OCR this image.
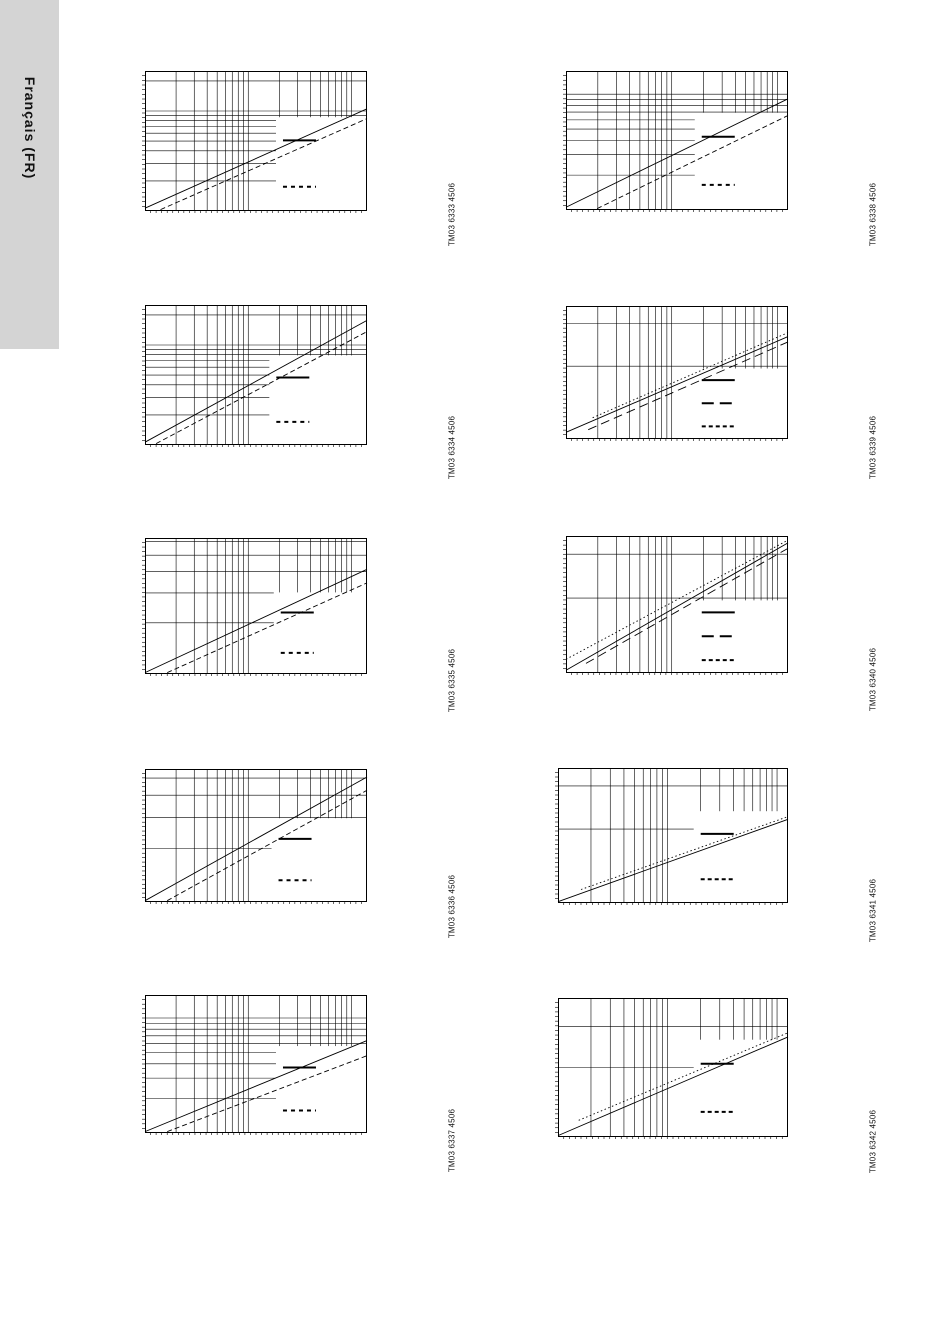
Français (FR)
TM03 6333 4506	TM03 6338 4506
TM03 6334 4506	TM03 6339 4506
TM03 6335 4506	TM03 6340 4506
TM03 6336 4506	TM03 6341 4506
TM03 6337 4506	TM03 6342 4506
